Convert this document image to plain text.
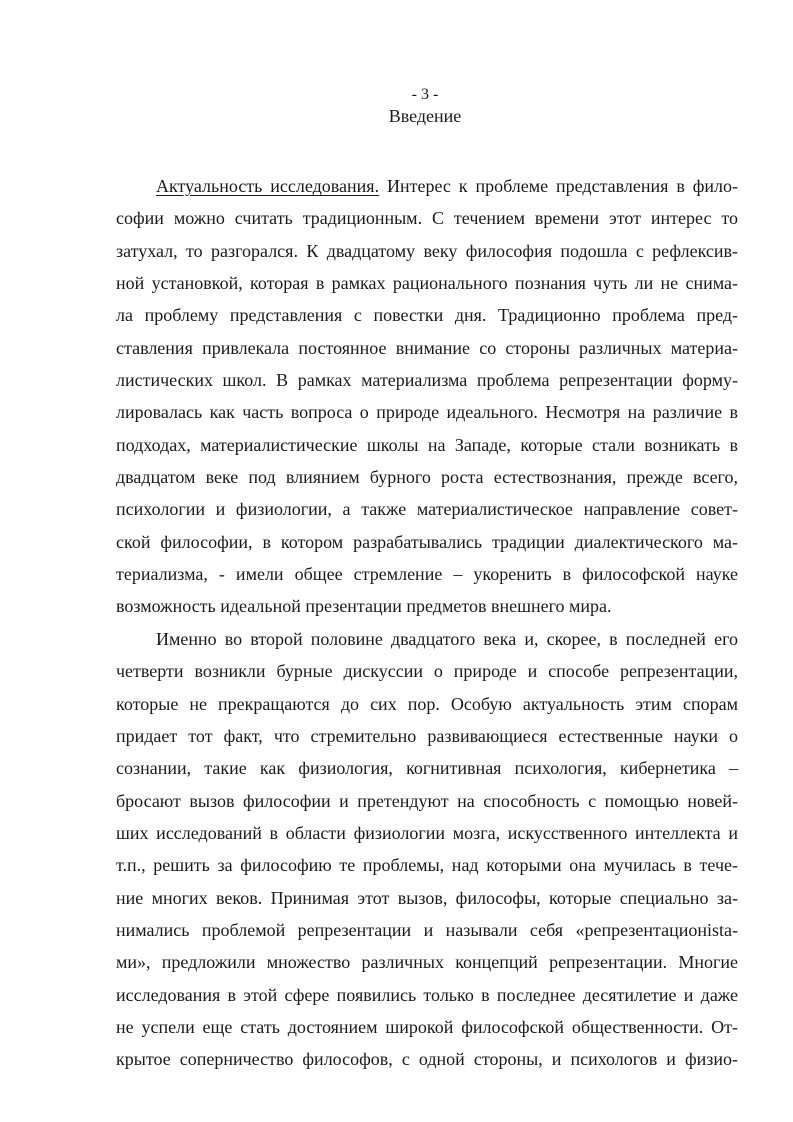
- 3 -
Введение
Актуальность исследования. Интерес к проблеме представления в фило-
софии можно считать традиционным. С течением времени этот интерес то
затухал, то разгорался. К двадцатому веку философия подошла с рефлексив-
ной установкой, которая в рамках рационального познания чуть ли не снима-
ла проблему представления с повестки дня. Традиционно проблема пред-
ставления привлекала постоянное внимание со стороны различных материа-
листических школ. В рамках материализма проблема репрезентации форму-
лировалась как часть вопроса о природе идеального. Несмотря на различие в
подходах, материалистические школы на Западе, которые стали возникать в
двадцатом веке под влиянием бурного роста естествознания, прежде всего,
психологии и физиологии, а также материалистическое направление совет-
ской философии, в котором разрабатывались традиции диалектического ма-
териализма, - имели общее стремление – укоренить в философской науке
возможность идеальной презентации предметов внешнего мира.
Именно во второй половине двадцатого века и, скорее, в последней его
четверти возникли бурные дискуссии о природе и способе репрезентации,
которые не прекращаются до сих пор. Особую актуальность этим спорам
придает тот факт, что стремительно развивающиеся естественные науки о
сознании, такие как физиология, когнитивная психология, кибернетика –
бросают вызов философии и претендуют на способность с помощью новей-
ших исследований в области физиологии мозга, искусственного интеллекта и
т.п., решить за философию те проблемы, над которыми она мучилась в тече-
ние многих веков. Принимая этот вызов, философы, которые специально за-
нимались проблемой репрезентации и называли себя «репрезентационista-
ми», предложили множество различных концепций репрезентации. Многие
исследования в этой сфере появились только в последнее десятилетие и даже
не успели еще стать достоянием широкой философской общественности. От-
крытое соперничество философов, с одной стороны, и психологов и физио-
